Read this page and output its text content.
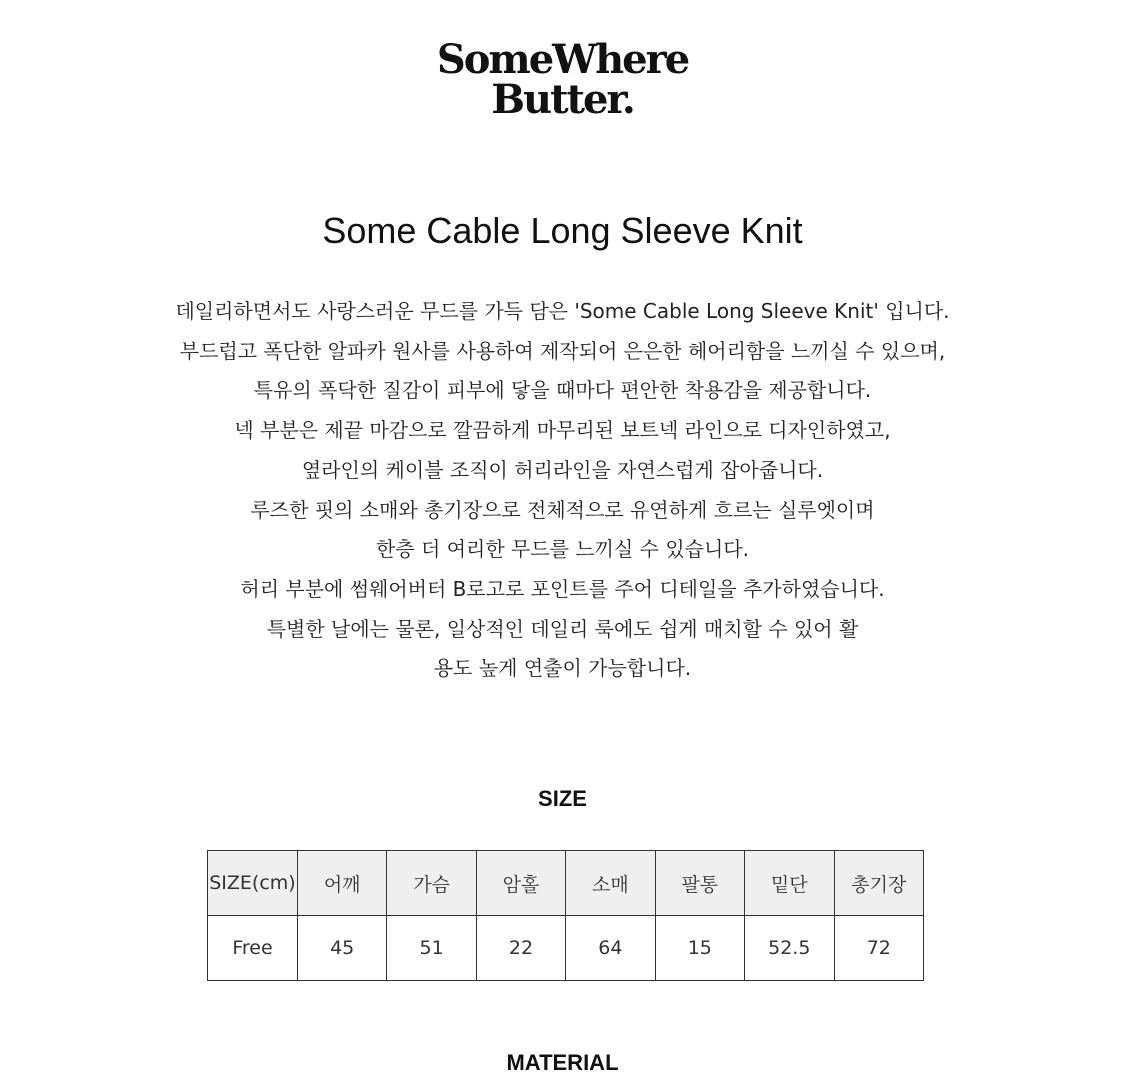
SomeWhere
Butter.
Some Cable Long Sleeve Knit
데일리하면서도 사랑스러운 무드를 가득 담은 'Some Cable Long Sleeve Knit' 입니다.
부드럽고 폭단한 알파카 원사를 사용하여 제작되어 은은한 헤어리함을 느끼실 수 있으며,
특유의 폭닥한 질감이 피부에 닿을 때마다 편안한 착용감을 제공합니다.
넥 부분은 제끝 마감으로 깔끔하게 마무리된 보트넥 라인으로 디자인하였고,
옆라인의 케이블 조직이 허리라인을 자연스럽게 잡아줍니다.
루즈한 핏의 소매와 총기장으로 전체적으로 유연하게 흐르는 실루엣이며
한층 더 여리한 무드를 느끼실 수 있습니다.
허리 부분에 썸웨어버터 B로고로 포인트를 주어 디테일을 추가하였습니다.
특별한 날에는 물론, 일상적인 데일리 룩에도 쉽게 매치할 수 있어 활
용도 높게 연출이 가능합니다.
SIZE
SIZE(cm)	어깨	가슴	암홀	소매	팔통	밑단	총기장
Free	45	51	22	64	15	52.5	72
MATERIAL
